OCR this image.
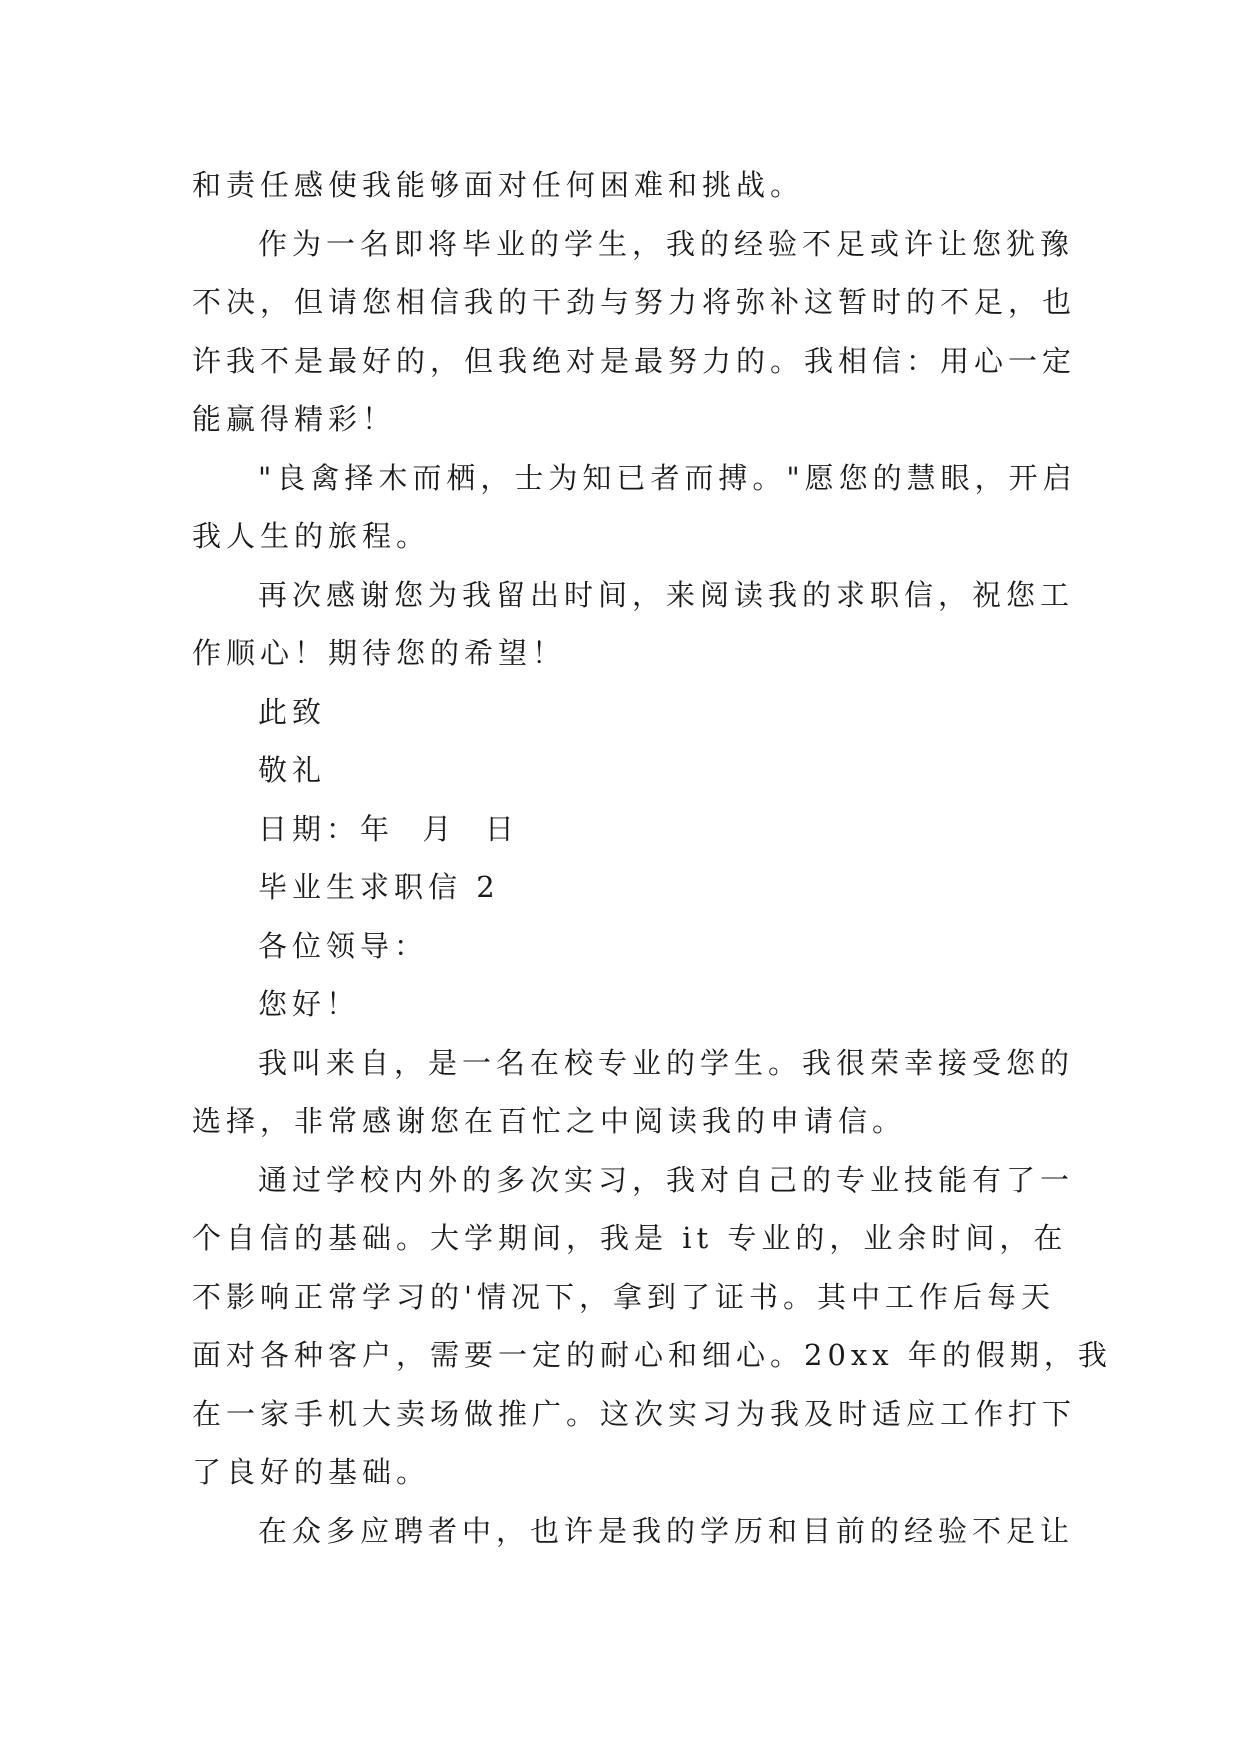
和责任感使我能够面对任何困难和挑战。

作为一名即将毕业的学生，我的经验不足或许让您犹豫

不决，但请您相信我的干劲与努力将弥补这暂时的不足，也

许我不是最好的，但我绝对是最努力的。我相信：用心一定

能赢得精彩！

"良禽择木而栖，士为知已者而搏。"愿您的慧眼，开启

我人生的旅程。

再次感谢您为我留出时间，来阅读我的求职信，祝您工

作顺心！期待您的希望！

此致

敬礼

日期：年  月  日

毕业生求职信 2

各位领导：

您好！

我叫来自，是一名在校专业的学生。我很荣幸接受您的

选择，非常感谢您在百忙之中阅读我的申请信。

通过学校内外的多次实习，我对自己的专业技能有了一

个自信的基础。大学期间，我是 it 专业的，业余时间，在

不影响正常学习的'情况下，拿到了证书。其中工作后每天

面对各种客户，需要一定的耐心和细心。20xx 年的假期，我

在一家手机大卖场做推广。这次实习为我及时适应工作打下

了良好的基础。

在众多应聘者中，也许是我的学历和目前的经验不足让
